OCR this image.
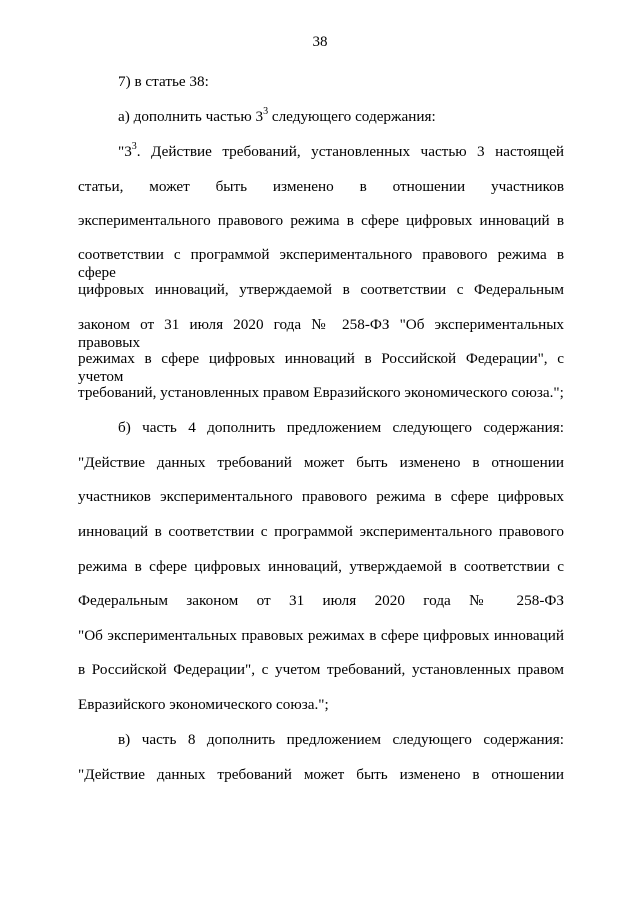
38
7) в статье 38:
а) дополнить частью $3^3$ следующего содержания:
"$3^3$. Действие требований, установленных частью 3 настоящей
статьи, может быть изменено в отношении участников
экспериментального правового режима в сфере цифровых инноваций в
соответствии с программой экспериментального правового режима в сфере
цифровых инноваций, утверждаемой в соответствии с Федеральным
законом от 31 июля 2020 года № 258-ФЗ "Об экспериментальных правовых
режимах в сфере цифровых инноваций в Российской Федерации", с учетом
требований, установленных правом Евразийского экономического союза.";
б) часть 4 дополнить предложением следующего содержания:
"Действие данных требований может быть изменено в отношении
участников экспериментального правового режима в сфере цифровых
инноваций в соответствии с программой экспериментального правового
режима в сфере цифровых инноваций, утверждаемой в соответствии с
Федеральным законом от 31 июля 2020 года № 258-ФЗ
"Об экспериментальных правовых режимах в сфере цифровых инноваций
в Российской Федерации", с учетом требований, установленных правом
Евразийского экономического союза.";
в) часть 8 дополнить предложением следующего содержания:
"Действие данных требований может быть изменено в отношении
